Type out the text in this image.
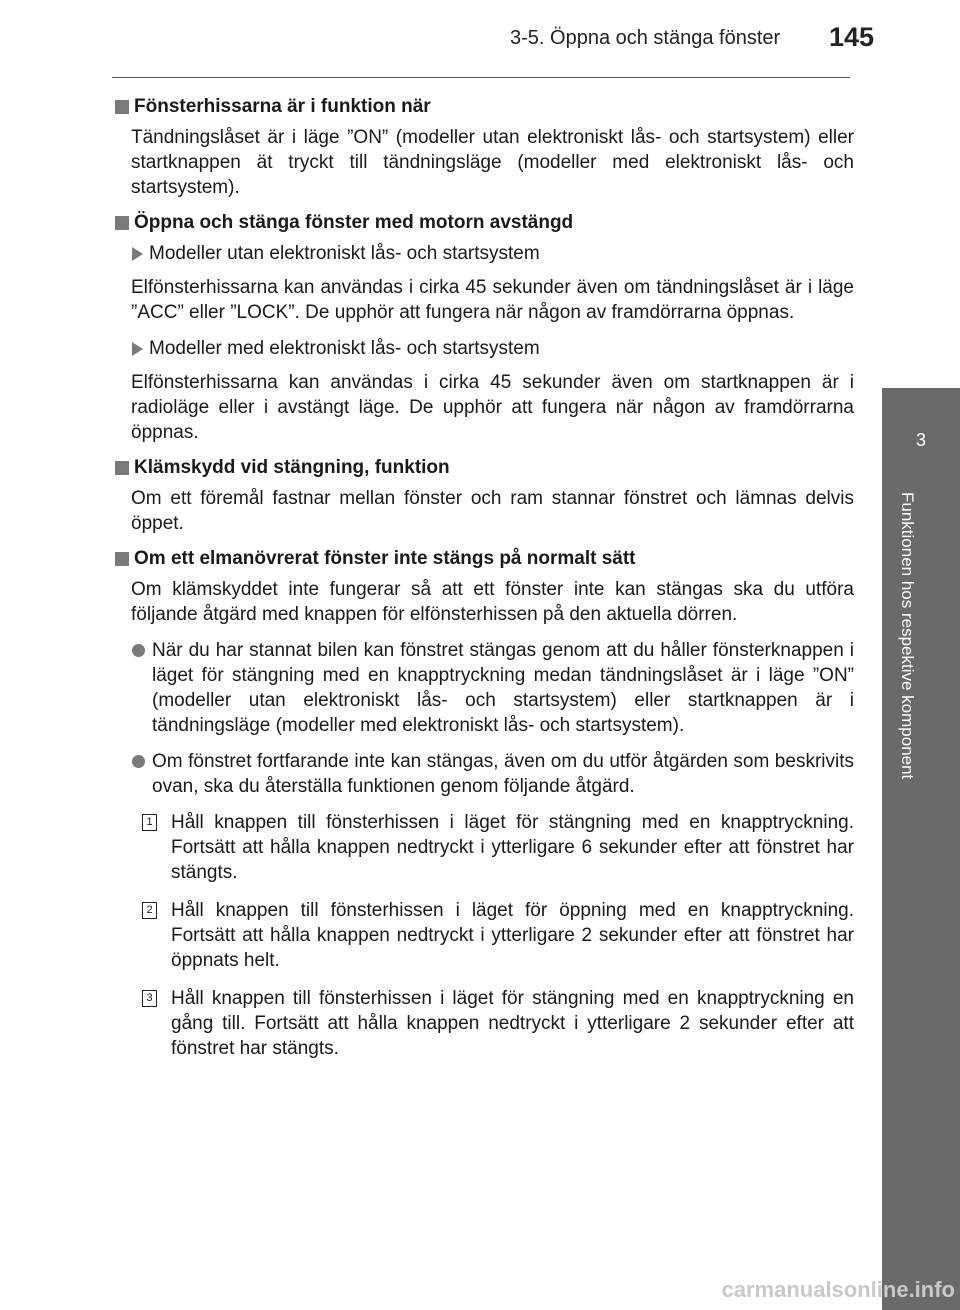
3-5. Öppna och stänga fönster 145
3
Funktionen hos respektive komponent
Fönsterhissarna är i funktion när

Tändningslåset är i läge ”ON” (modeller utan elektroniskt lås- och startsystem) eller startknappen ät tryckt till tändningsläge (modeller med elektroniskt lås- och startsystem).

Öppna och stänga fönster med motorn avstängd
Modeller utan elektroniskt lås- och startsystem

Elfönsterhissarna kan användas i cirka 45 sekunder även om tändningslåset är i läge ”ACC” eller ”LOCK”. De upphör att fungera när någon av framdörrarna öppnas.

Modeller med elektroniskt lås- och startsystem

Elfönsterhissarna kan användas i cirka 45 sekunder även om startknappen är i radioläge eller i avstängt läge. De upphör att fungera när någon av framdörrarna öppnas.

Klämskydd vid stängning, funktion

Om ett föremål fastnar mellan fönster och ram stannar fönstret och lämnas delvis öppet.

Om ett elmanövrerat fönster inte stängs på normalt sätt

Om klämskyddet inte fungerar så att ett fönster inte kan stängas ska du utföra följande åtgärd med knappen för elfönsterhissen på den aktuella dörren.

När du har stannat bilen kan fönstret stängas genom att du håller fönsterknappen i läget för stängning med en knapptryckning medan tändningslåset är i läge ”ON” (modeller utan elektroniskt lås- och startsystem) eller startknappen är i tändningsläge (modeller med elektroniskt lås- och startsystem).
Om fönstret fortfarande inte kan stängas, även om du utför åtgärden som beskrivits ovan, ska du återställa funktionen genom följande åtgärd.
1 Håll knappen till fönsterhissen i läget för stängning med en knapptryckning. Fortsätt att hålla knappen nedtryckt i ytterligare 6 sekunder efter att fönstret har stängts.
2 Håll knappen till fönsterhissen i läget för öppning med en knapptryckning. Fortsätt att hålla knappen nedtryckt i ytterligare 2 sekunder efter att fönstret har öppnats helt.
3 Håll knappen till fönsterhissen i läget för stängning med en knapptryckning en gång till. Fortsätt att hålla knappen nedtryckt i ytterligare 2 sekunder efter att fönstret har stängts.
carmanualsonline.info
